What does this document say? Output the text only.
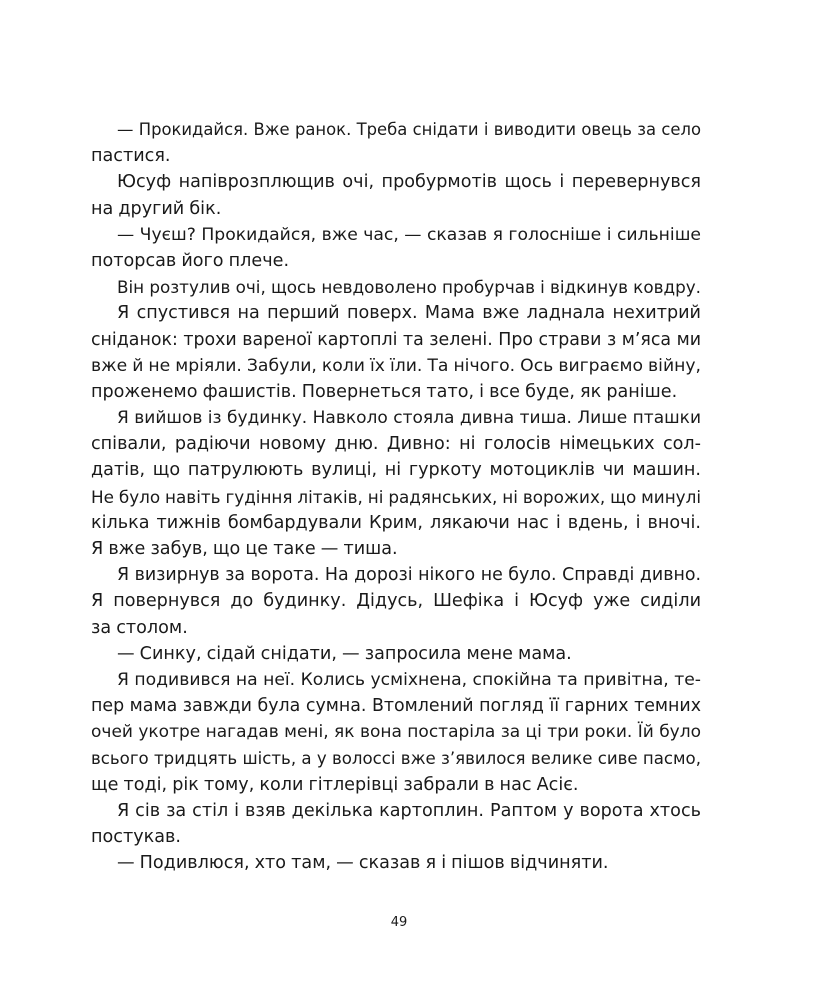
— Прокидайся. Вже ранок. Треба снідати і виводити овець за село
пастися.
Юсуф напіврозплющив очі, пробурмотів щось і перевернувся
на другий бік.
— Чуєш? Прокидайся, вже час, — сказав я голосніше і сильніше
поторсав його плече.
Він розтулив очі, щось невдоволено пробурчав і відкинув ковдру.
Я спустився на перший поверх. Мама вже ладнала нехитрий
сніданок: трохи вареної картоплі та зелені. Про страви з м’яса ми
вже й не мріяли. Забули, коли їх їли. Та нічого. Ось виграємо війну,
проженемо фашистів. Повернеться тато, і все буде, як раніше.
Я вийшов із будинку. Навколо стояла дивна тиша. Лише пташки
співали, радіючи новому дню. Дивно: ні голосів німецьких сол-
датів, що патрулюють вулиці, ні гуркоту мотоциклів чи машин.
Не було навіть гудіння літаків, ні радянських, ні ворожих, що минулі
кілька тижнів бомбардували Крим, лякаючи нас і вдень, і вночі.
Я вже забув, що це таке — тиша.
Я визирнув за ворота. На дорозі нікого не було. Справді дивно.
Я повернувся до будинку. Дідусь, Шефіка і Юсуф уже сиділи
за столом.
— Синку, сідай снідати, — запросила мене мама.
Я подивився на неї. Колись усміхнена, спокійна та привітна, те-
пер мама завжди була сумна. Втомлений погляд її гарних темних
очей укотре нагадав мені, як вона постаріла за ці три роки. Їй було
всього тридцять шість, а у волоссі вже з’явилося велике сиве пасмо,
ще тоді, рік тому, коли гітлерівці забрали в нас Асіє.
Я сів за стіл і взяв декілька картоплин. Раптом у ворота хтось
постукав.
— Подивлюся, хто там, — сказав я і пішов відчиняти.
49
